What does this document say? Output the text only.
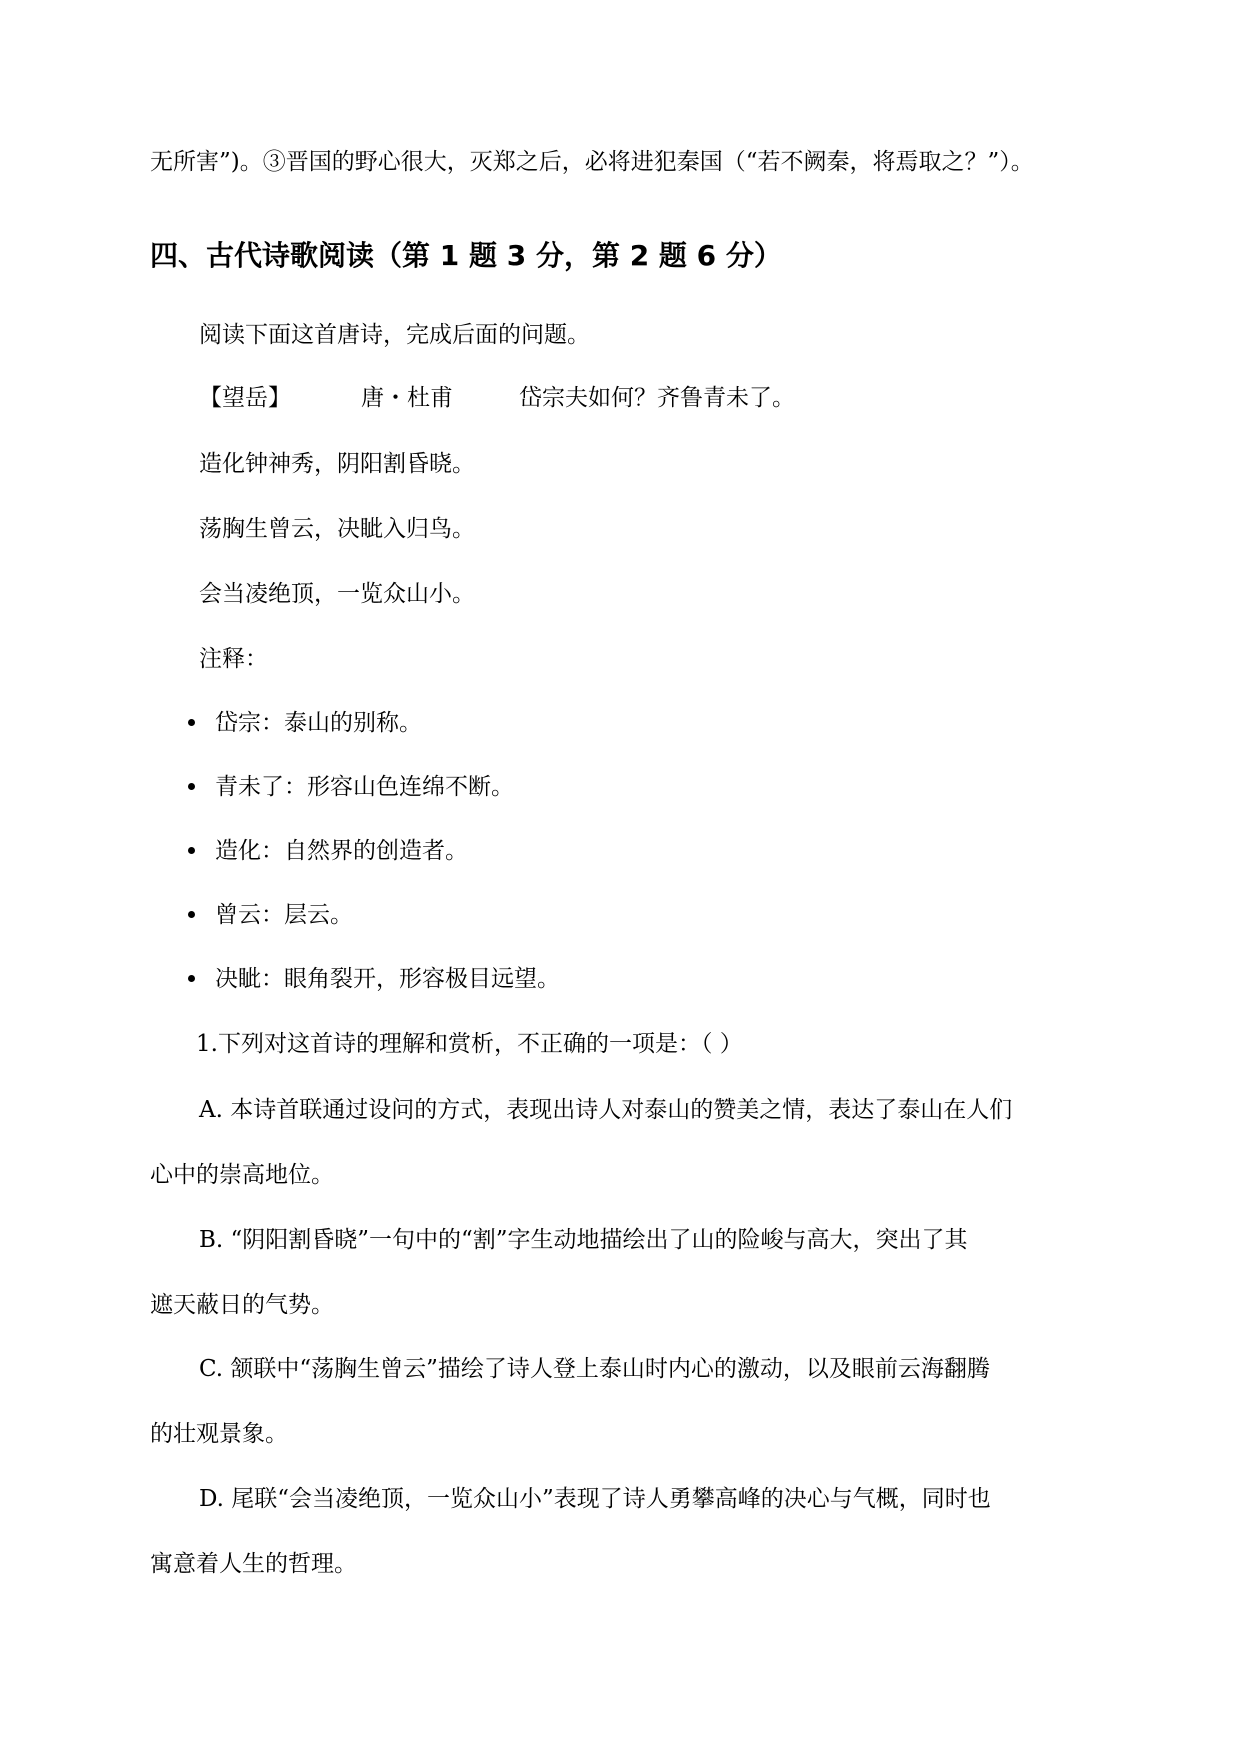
无所害”)。③晋国的野心很大，灭郑之后，必将进犯秦国（“若不阙秦，将焉取之？”）。
四、古代诗歌阅读（第 1 题 3 分，第 2 题 6 分）
阅读下面这首唐诗，完成后面的问题。
【望岳】	唐・杜甫	岱宗夫如何？齐鲁青未了。
造化钟神秀，阴阳割昏晓。
荡胸生曾云，决眦入归鸟。
会当凌绝顶，一览众山小。
注释：
岱宗：泰山的别称。
青未了：形容山色连绵不断。
造化：自然界的创造者。
曾云：层云。
决眦：眼角裂开，形容极目远望。
1.下列对这首诗的理解和赏析，不正确的一项是：（ ）
A. 本诗首联通过设问的方式，表现出诗人对泰山的赞美之情，表达了泰山在人们
心中的崇高地位。
B. “阴阳割昏晓”一句中的“割”字生动地描绘出了山的险峻与高大，突出了其
遮天蔽日的气势。
C. 颔联中“荡胸生曾云”描绘了诗人登上泰山时内心的激动，以及眼前云海翻腾
的壮观景象。
D. 尾联“会当凌绝顶，一览众山小”表现了诗人勇攀高峰的决心与气概，同时也
寓意着人生的哲理。
